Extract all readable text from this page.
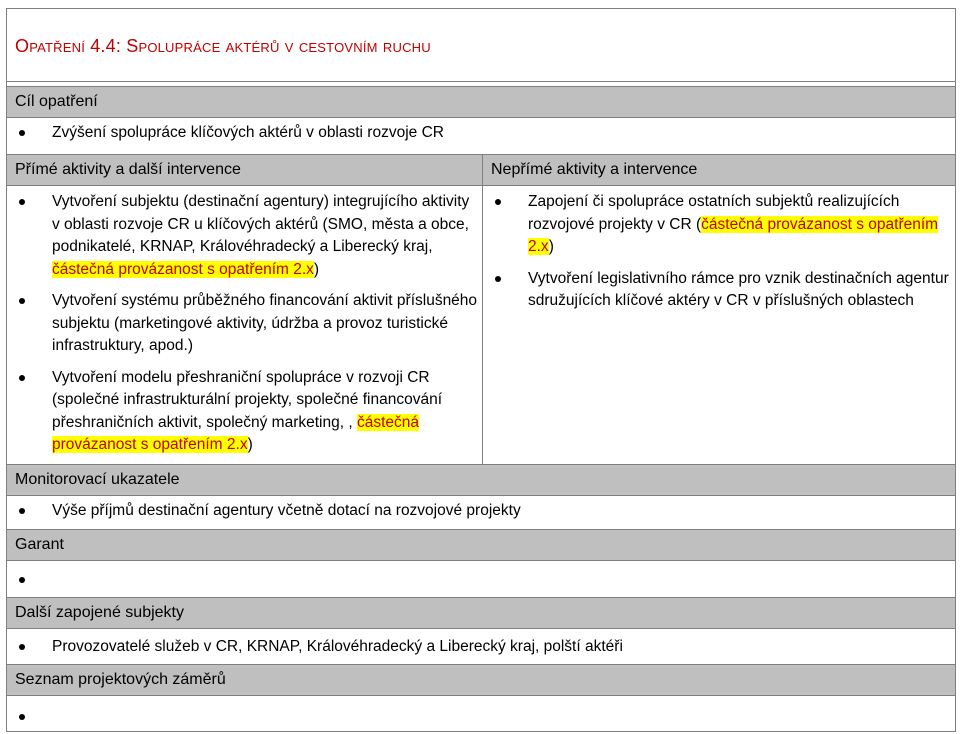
Opatření 4.4: Spolupráce aktérů v cestovním ruchu
Cíl opatření
Zvýšení spolupráce klíčových aktérů v oblasti rozvoje CR
Přímé aktivity a další intervence	Nepřímé aktivity a intervence
Vytvoření subjektu (destinační agentury) integrujícího aktivity v oblasti rozvoje CR u klíčových aktérů (SMO, města a obce, podnikatelé, KRNAP, Královéhradecký a Liberecký kraj, částečná provázanost s opatřením 2.x)
Vytvoření systému průběžného financování aktivit příslušného subjektu (marketingové aktivity, údržba a provoz turistické infrastruktury, apod.)
Vytvoření modelu přeshraniční spolupráce v rozvoji CR (společné infrastrukturální projekty, společné financování přeshraničních aktivit, společný marketing, , částečná provázanost s opatřením 2.x)
Zapojení či spolupráce ostatních subjektů realizujících rozvojové projekty v CR (částečná provázanost s opatřením 2.x)
Vytvoření legislativního rámce pro vznik destinačních agentur sdružujících klíčové aktéry v CR v příslušných oblastech
Monitorovací ukazatele
Výše příjmů destinační agentury včetně dotací na rozvojové projekty
Garant
Další zapojené subjekty
Provozovatelé služeb v CR, KRNAP, Královéhradecký a Liberecký kraj, polští aktéři
Seznam projektových záměrů
